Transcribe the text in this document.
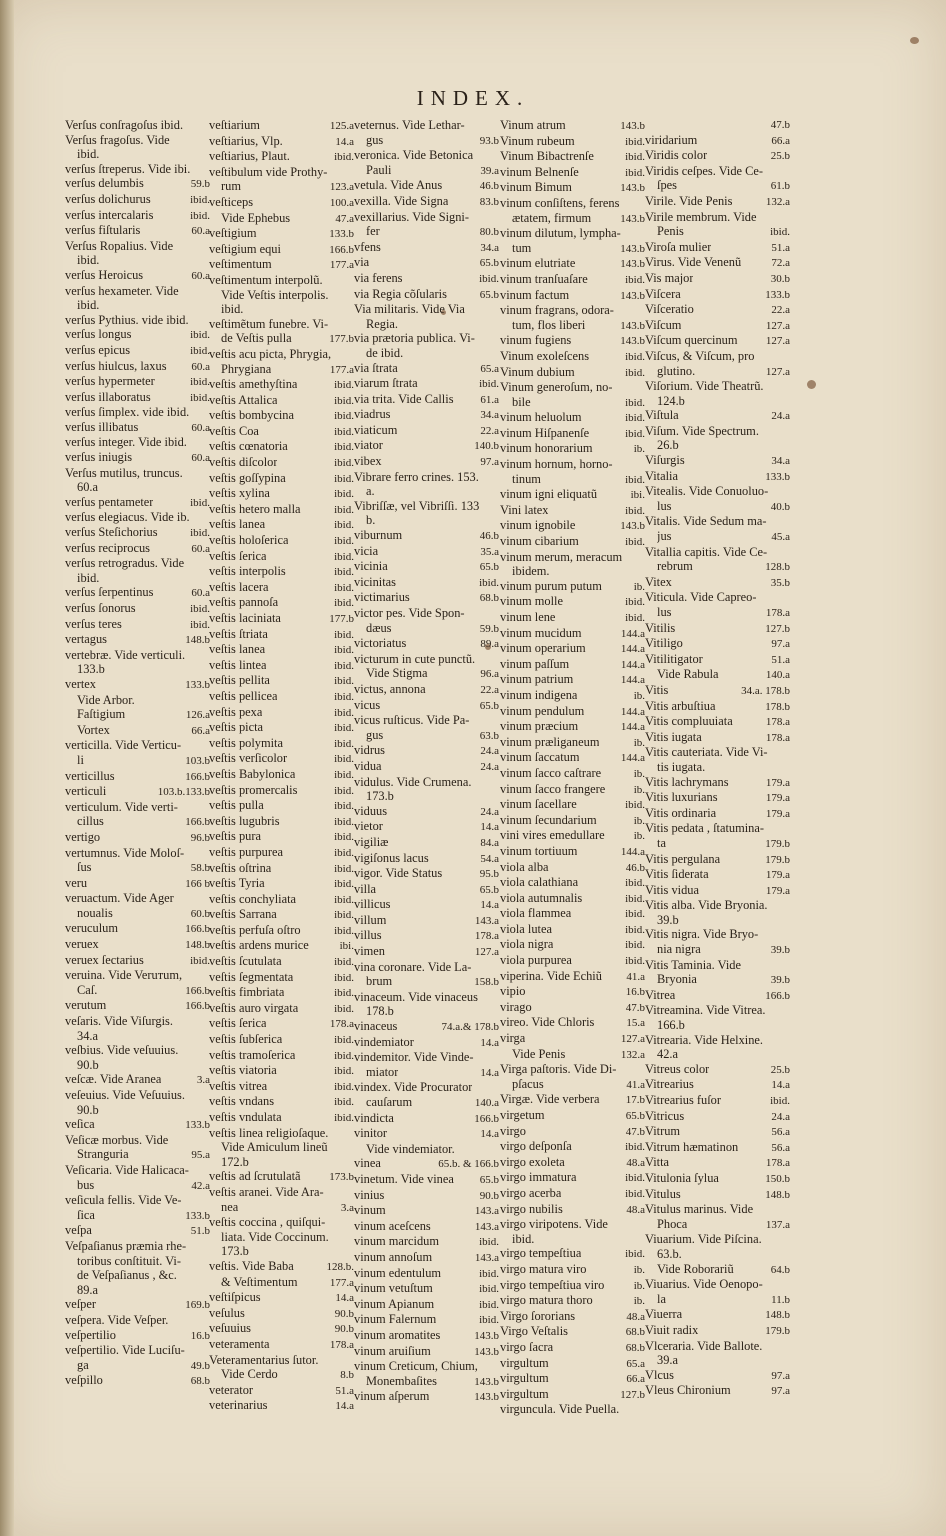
INDEX.
Verſus conſragoſus ibid.
Verſus fragoſus. Vide
ibid.
verſus ſtreperus. Vide ibi.
verſus delumbis	59.b
verſus dolichurus	ibid.
verſus intercalaris	ibid.
verſus fiſtularis	60.a
Verſus Ropalius. Vide
ibid.
verſus Heroicus	60.a
verſus hexameter. Vide
ibid.
verſus Pythius. vide ibid.
verſus longus	ibid.
verſus epicus	ibid.
verſus hiulcus, laxus 60.a
verſus hypermeter	ibid.
verſus illaboratus	ibid.
verſus ſimplex. vide ibid.
verſus illibatus	60.a
verſus integer. Vide ibid.
verſus iniugis	60.a
Verſus mutilus, truncus.
60.a
verſus pentameter	ibid.
verſus elegiacus. Vide ib.
verſus Steſichorius	ibid.
verſus reciprocus	60.a
verſus retrogradus. Vide
ibid.
verſus ſerpentinus	60.a
verſus ſonorus	ibid.
verſus teres	ibid.
vertagus	148.b
vertebræ. Vide verticuli.
133.b
vertex	133.b
Vide Arbor.
Faſtigium	126.a
Vortex	66.a
verticilla. Vide Verticu-
li	103.b
verticillus	166.b
verticuli	103.b.133.b
verticulum. Vide verti-
cillus	166.b
vertigo	96.b
vertumnus. Vide Moloſ-
ſus	58.b
veru	166 b
veruactum. Vide Ager
noualis	60.b
veruculum	166.b
veruex	148.b
veruex ſectarius	ibid.
veruina. Vide Veruтum,
Caſ.	166.b
verutum	166.b
veſaris. Vide Viſurgis.
34.a
veſbius. Vide veſuuius.
90.b
veſcæ. Vide Aranea	3.a
veſeuius. Vide Veſuuius.
90.b
veſica	133.b
Veſicæ morbus. Vide
Stranguria	95.a
Veſicaria. Vide Halicaca-
bus	42.a
veſicula fellis. Vide Ve-
ſica	133.b
veſpa	51.b
Veſpaſianus præmia rhe-
toribus conſtituit. Vi-
de Veſpaſianus , &c.
89.a
veſper	169.b
veſpera. Vide Veſper.
veſpertilio	16.b
veſpertilio. Vide Luciſu-
ga	49.b
veſpillo	68.b
veſtiarium	125.a
veſtiarius, Vlp.	14.a
veſtiarius, Plaut.	ibid.
veſtibulum vide Prothy-
rum	123.a
veſticeps	100.a
Vide Ephebus	47.a
veſtigium	133.b
veſtigium equi	166.b
veſtimentum	177.a
veſtimentum interpolũ.
Vide Veſtis interpolis.
ibid.
veſtimẽtum funebre. Vi-
de Veſtis pulla	177.b
veſtis acu picta, Phrygia,
Phrygiana	177.a
veſtis amethyſtina	ibid.
veſtis Attalica	ibid.
veſtis bombycina	ibid.
veſtis Coa	ibid.
veſtis cœnatoria	ibid.
veſtis diſcolor	ibid.
veſtis goſſypina	ibid.
veſtis xylina	ibid.
veſtis hetero malla	ibid.
veſtis lanea	ibid.
veſtis holoſerica	ibid.
veſtis ſerica	ibid.
veſtis interpolis	ibid.
veſtis lacera	ibid.
veſtis pannoſa	ibid.
veſtis laciniata	177.b
veſtis ſtriata	ibid.
veſtis lanea	ibid.
veſtis lintea	ibid.
veſtis pellita	ibid.
veſtis pellicea	ibid.
veſtis pexa	ibid.
veſtis picta	ibid.
veſtis polymita	ibid.
veſtis verſicolor	ibid.
veſtis Babylonica	ibid.
veſtis promercalis	ibid.
veſtis pulla	ibid.
veſtis lugubris	ibid.
veſtis pura	ibid.
veſtis purpurea	ibid.
veſtis oſtrina	ibid.
veſtis Tyria	ibid.
veſtis conchyliata	ibid.
veſtis Sarrana	ibid.
veſtis perfuſa oſtro	ibid.
veſtis ardens murice	ibi.
veſtis ſcutulata	ibid.
veſtis ſegmentata	ibid.
veſtis fimbriata	ibid.
veſtis auro virgata	ibid.
veſtis ſerica	178.a
veſtis ſubſerica	ibid.
veſtis tramoſerica	ibid.
veſtis viatoria	ibid.
veſtis vitrea	ibid.
veſtis vndans	ibid.
veſtis vndulata	ibid.
veſtis linea religioſaque.
Vide Amiculum lineũ
172.b
veſtis ad ſcrutulatã	173.b
veſtis aranei. Vide Ara-
nea	3.a
veſtis coccina , quiſqui-
liata. Vide Coccinum.
173.b
veſtis. Vide Baba	128.b.
& Veſtimentum	177.a
veſtiſpicus	14.a
veſulus	90.b
veſuuius	90.b
veteramenta	178.a
Veteramentarius ſutor.
Vide Cerdo	8.b
veterator	51.a
veterinarius	14.a
veternus. Vide Lethar-
gus	93.b
veronica. Vide Betonica
Pauli	39.a
vetula. Vide Anus	46.b
vexilla. Vide Signa	83.b
vexillarius. Vide Signi-
fer	80.b
vfens	34.a
via	65.b
via ferens	ibid.
via Regia cõſularis	65.b
Via militaris. Vide Via
Regia.
via prætoria publica. Vi-
de ibid.
via ſtrata	65.a
viarum ſtrata	ibid.
via trita. Vide Callis 61.a
viadrus	34.a
viaticum	22.a
viator	140.b
vibex	97.a
Vibrare ferro crines. 153.
a.
Vibriſſæ, vel Vibriſſi. 133
b.
viburnum	46.b
vicia	35.a
vicinia	65.b
vicinitas	ibid.
victimarius	68.b
victor pes. Vide Spon-
dæus	59.b
victoriatus	89.a
victurum in cute punctũ.
Vide Stigma	96.a
victus, annona	22.a
vicus	65.b
vicus ruſticus. Vide Pa-
gus	63.b
vidrus	24.a
vidua	24.a
vidulus. Vide Crumena.
173.b
viduus	24.a
vietor	14.a
vigiliæ	84.a
vigiſonus lacus	54.a
vigor. Vide Status	95.b
villa	65.b
villicus	14.a
villum	143.a
villus	178.a
vimen	127.a
vina coronare. Vide La-
brum	158.b
vinaceum. Vide vinaceus
178.b
vinaceus	74.a.& 178.b
vindemiator	14.a
vindemitor. Vide Vinde-
miator	14.a
vindex. Vide Procurator
cauſarum	140.a
vindicta	166.b
vinitor	14.a
Vide vindemiator.
vinea	65.b. & 166.b
vinetum. Vide vinea 65.b
vinius	90.b
vinum	143.a
vinum aceſcens	143.a
vinum marcidum	ibid.
vinum annoſum	143.a
vinum edentulum	ibid.
vinum vetuſtum	ibid.
vinum Apianum	ibid.
vinum Falernum	ibid.
vinum aromatites	143.b
vinum aruiſium	143.b
vinum Creticum, Chium,
Monembaſites	143.b
vinum aſperum	143.b
Vinum atrum	143.b
Vinum rubeum	ibid.
Vinum Bibactrenſe	ibid.
vinum Belnenſe	ibid.
vinum Bimum	143.b
vinum conſiſtens, ferens
ætatem, firmum	143.b
vinum dilutum, lympha-
tum	143.b
vinum elutriate	143.b
vinum tranſuaſare	ibid.
vinum factum	143.b
vinum fragrans, odora-
tum, flos liberi	143.b
vinum fugiens	143.b
Vinum exoleſcens	ibid.
Vinum dubium	ibid.
Vinum generoſum, no-
bile	ibid.
vinum heluolum	ibid.
vinum Hiſpanenſe	ibid.
vinum honorarium	ib.
vinum hornum, horno-
tinum	ibid.
vinum igni eliquatũ	ibi.
Vini latex	ibid.
vinum ignobile	143.b
vinum cibarium	ibid.
vinum merum, meracum
ibidem.
vinum purum putum	ib.
vinum molle	ibid.
vinum lene	ibid.
vinum mucidum	144.a
vinum operarium	144.a
vinum paſſum	144.a
vinum patrium	144.a
vinum indigena	ib.
vinum pendulum	144.a
vinum præcium	144.a
vinum præliganeum	ib.
vinum ſaccatum	144.a
vinum ſacco caſtrare	ib.
vinum ſacco frangere	ib.
vinum ſacellare	ibid.
vinum ſecundarium	ib.
vini vires emedullare	ib.
vinum tortiuum	144.a
viola alba	46.b
viola calathiana	ibid.
viola autumnalis	ibid.
viola flammea	ibid.
viola lutea	ibid.
viola nigra	ibid.
viola purpurea	ibid.
viperina. Vide Echiũ 41.a
vipio	16.b
virago	47.b
vireo. Vide Chloris	15.a
virga	127.a
Vide Penis	132.a
Virga paſtoris. Vide Di-
pſacus	41.a
Virgæ. Vide verbera 17.b
virgetum	65.b
virgo	47.b
virgo deſponſa	ibid.
virgo exoleta	48.a
virgo immatura	ibid.
virgo acerba	ibid.
virgo nubilis	48.a
virgo viripotens. Vide
ibid.
virgo tempeſtiua	ibid.
virgo matura viro	ib.
virgo tempeſtiua viro	ib.
virgo matura thoro	ib.
Virgo ſororians	48.a
Virgo Veſtalis	68.b
virgo ſacra	68.b
virgultum	65.a
virgultum	66.a
virgultum	127.b
virguncula. Vide Puella.
47.b
viridarium	66.a
Viridis color	25.b
Viridis ceſpes. Vide Ce-
ſpes	61.b
Virile. Vide Penis	132.a
Virile membrum. Vide
Penis	ibid.
Viroſa mulier	51.a
Virus. Vide Venenũ	72.a
Vis major	30.b
Viſcera	133.b
Viſceratio	22.a
Viſcum	127.a
Viſcum quercinum	127.a
Viſcus, & Viſcum, pro
glutino.	127.a
Viſorium. Vide Theatrũ.
124.b
Viſtula	24.a
Viſum. Vide Spectrum.
26.b
Viſurgis	34.a
Vitalia	133.b
Vitealis. Vide Conuoluo-
lus	40.b
Vitalis. Vide Sedum ma-
jus	45.a
Vitallia capitis. Vide Ce-
rebrum	128.b
Vitex	35.b
Viticula. Vide Capreo-
lus	178.a
Vitilis	127.b
Vitiligo	97.a
Vitilitigator	51.a
Vide Rabula	140.a
Vitis	34.a. 178.b
Vitis arbuſtiua	178.b
Vitis compluuiata	178.a
Vitis iugata	178.a
Vitis cauteriata. Vide Vi-
tis iugata.
Vitis lachrymans	179.a
Vitis luxurians	179.a
Vitis ordinaria	179.a
Vitis pedata , ſtatumina-
ta	179.b
Vitis pergulana	179.b
Vitis ſiderata	179.a
Vitis vidua	179.a
Vitis alba. Vide Bryonia.
39.b
Vitis nigra. Vide Bryo-
nia nigra	39.b
Vitis Taminia. Vide
Bryonia	39.b
Vitrea	166.b
Vitreamina. Vide Vitrea.
166.b
Vitrearia. Vide Helxine.
42.a
Vitreus color	25.b
Vitrearius	14.a
Vitrearius fuſor	ibid.
Vitricus	24.a
Vitrum	56.a
Vitrum hæmatinon	56.a
Vitta	178.a
Vitulonia ſylua	150.b
Vitulus	148.b
Vitulus marinus. Vide
Phoca	137.a
Viuarium. Vide Piſcina.
63.b.
Vide Roborariũ	64.b
Viuarius. Vide Oenopo-
la	11.b
Viuerra	148.b
Viuit radix	179.b
Vlceraria. Vide Ballote.
39.a
Vlcus	97.a
Vleus Chironium	97.a
